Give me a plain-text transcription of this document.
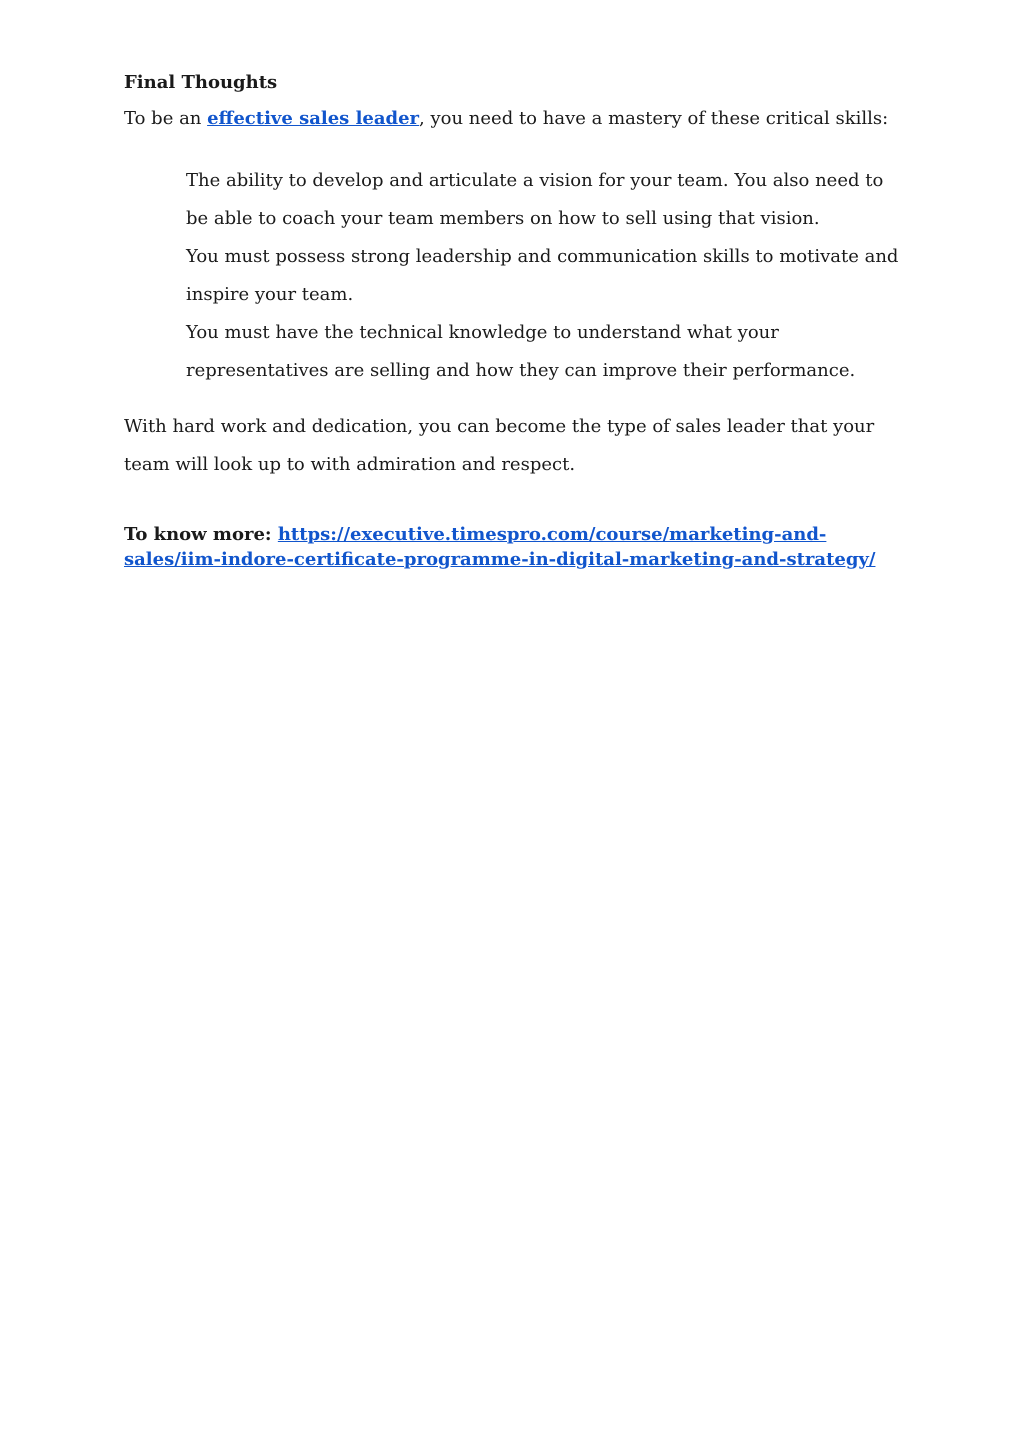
Final Thoughts

To be an effective sales leader, you need to have a mastery of these critical skills:

The ability to develop and articulate a vision for your team. You also need to be able to coach your team members on how to sell using that vision.
You must possess strong leadership and communication skills to motivate and inspire your team.
You must have the technical knowledge to understand what your representatives are selling and how they can improve their performance.

With hard work and dedication, you can become the type of sales leader that your team will look up to with admiration and respect.

To know more: https://executive.timespro.com/course/marketing-and-
sales/iim-indore-certificate-programme-in-digital-marketing-and-strategy/
